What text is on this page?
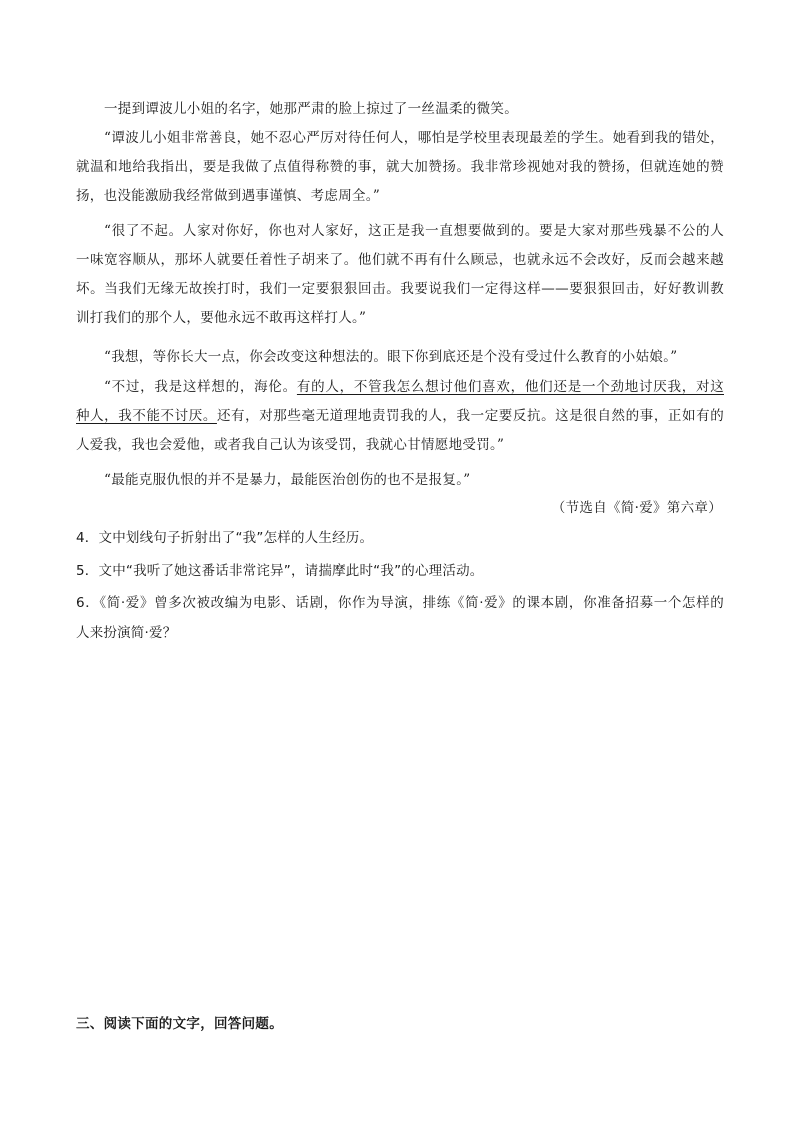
一提到谭波儿小姐的名字，她那严肃的脸上掠过了一丝温柔的微笑。
“谭波儿小姐非常善良，她不忍心严厉对待任何人，哪怕是学校里表现最差的学生。她看到我的错处，
就温和地给我指出，要是我做了点值得称赞的事，就大加赞扬。我非常珍视她对我的赞扬，但就连她的赞
扬，也没能激励我经常做到遇事谨慎、考虑周全。”
“很了不起。人家对你好，你也对人家好，这正是我一直想要做到的。要是大家对那些残暴不公的人
一味宽容顺从，那坏人就要任着性子胡来了。他们就不再有什么顾忌，也就永远不会改好，反而会越来越
坏。当我们无缘无故挨打时，我们一定要狠狠回击。我要说我们一定得这样——要狠狠回击，好好教训教
训打我们的那个人，要他永远不敢再这样打人。”
“我想，等你长大一点，你会改变这种想法的。眼下你到底还是个没有受过什么教育的小姑娘。”
“不过，我是这样想的，海伦。有的人，不管我怎么想讨他们喜欢，他们还是一个劲地讨厌我，对这
种人，我不能不讨厌。还有，对那些毫无道理地责罚我的人，我一定要反抗。这是很自然的事，正如有的
人爱我，我也会爱他，或者我自己认为该受罚，我就心甘情愿地受罚。”
“最能克服仇恨的并不是暴力，最能医治创伤的也不是报复。”
（节选自《简·爱》第六章）
4．文中划线句子折射出了“我”怎样的人生经历。
5．文中“我听了她这番话非常诧异”，请揣摩此时“我”的心理活动。
6．《简·爱》曾多次被改编为电影、话剧，你作为导演，排练《简·爱》的课本剧，你准备招募一个怎样的
人来扮演简·爱？
三、阅读下面的文字，回答问题。
